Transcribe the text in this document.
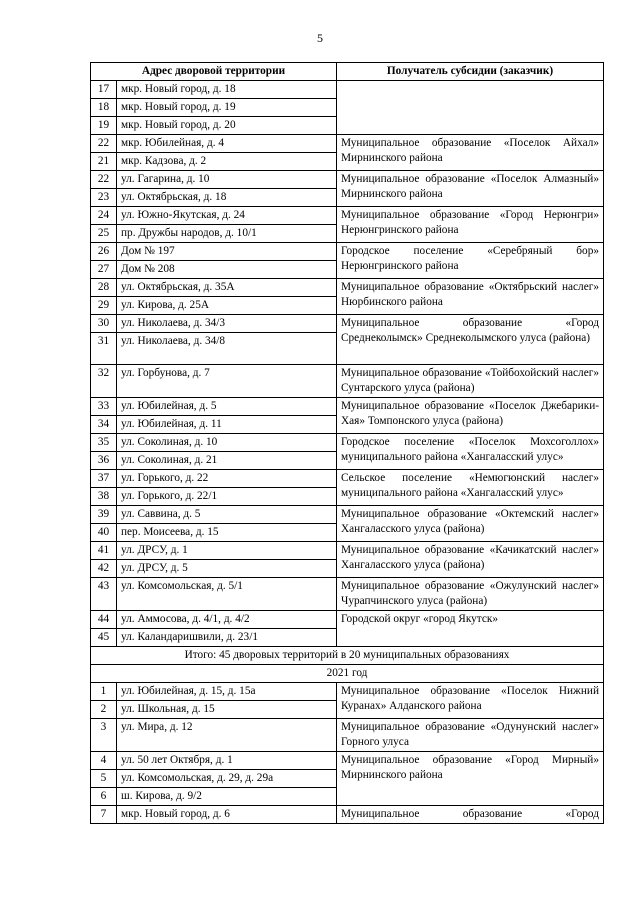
5
Адрес дворовой территории		Получатель субсидии (заказчик)
17	мкр. Новый город, д. 18	
18	мкр. Новый город, д. 19	
19	мкр. Новый город, д. 20	
22	мкр. Юбилейная, д. 4	Муниципальное образование «Поселок Айхал» Мирнинского района
21	мкр. Кадзова, д. 2	
22	ул. Гагарина, д. 10	Муниципальное образование «Поселок Алмазный» Мирнинского района
23	ул. Октябрьская, д. 18	
24	ул. Южно-Якутская, д. 24	Муниципальное образование «Город Нерюнгри» Нерюнгринского района
25	пр. Дружбы народов, д. 10/1	
26	Дом № 197	Городское поселение «Серебряный бор» Нерюнгринского района
27	Дом № 208	
28	ул. Октябрьская, д. 35А	Муниципальное образование «Октябрьский наслег» Нюрбинского района
29	ул. Кирова, д. 25А	
30	ул. Николаева, д. 34/3	Муниципальное образование «Город Среднеколымск» Среднеколымского улуса (района)
31	ул. Николаева, д. 34/8	
32	ул. Горбунова, д. 7	Муниципальное образование «Тойбохойский наслег» Сунтарского улуса (района)
33	ул. Юбилейная, д. 5	Муниципальное образование «Поселок Джебарики-Хая» Томпонского улуса (района)
34	ул. Юбилейная, д. 11	
35	ул. Соколиная, д. 10	Городское поселение «Поселок Мохсоголлох» муниципального района «Хангаласский улус»
36	ул. Соколиная, д. 21	
37	ул. Горького, д. 22	Сельское поселение «Немюгюнский наслег» муниципального района «Хангаласский улус»
38	ул. Горького, д. 22/1	
39	ул. Саввина, д. 5	Муниципальное образование «Октемский наслег» Хангаласского улуса (района)
40	пер. Моисеева, д. 15	
41	ул. ДРСУ, д. 1	Муниципальное образование «Качикатский наслег» Хангаласского улуса (района)
42	ул. ДРСУ, д. 5	
43	ул. Комсомольская, д. 5/1	Муниципальное образование «Ожулунский наслег» Чурапчинского улуса (района)
44	ул. Аммосова, д. 4/1, д. 4/2	Городской округ «город Якутск»
45	ул. Каландаришвили, д. 23/1	
Итого: 45 дворовых территорий в 20 муниципальных образованиях		
2021 год		
1	ул. Юбилейная, д. 15, д. 15а	Муниципальное образование «Поселок Нижний Куранах» Алданского района
2	ул. Школьная, д. 15	
3	ул. Мира, д. 12	Муниципальное образование «Одунунский наслег» Горного улуса
4	ул. 50 лет Октября, д. 1	Муниципальное образование «Город Мирный» Мирнинского района
5	ул. Комсомольская, д. 29, д. 29а	
6	ш. Кирова, д. 9/2	
7	мкр. Новый город, д. 6	Муниципальное образование «Город
